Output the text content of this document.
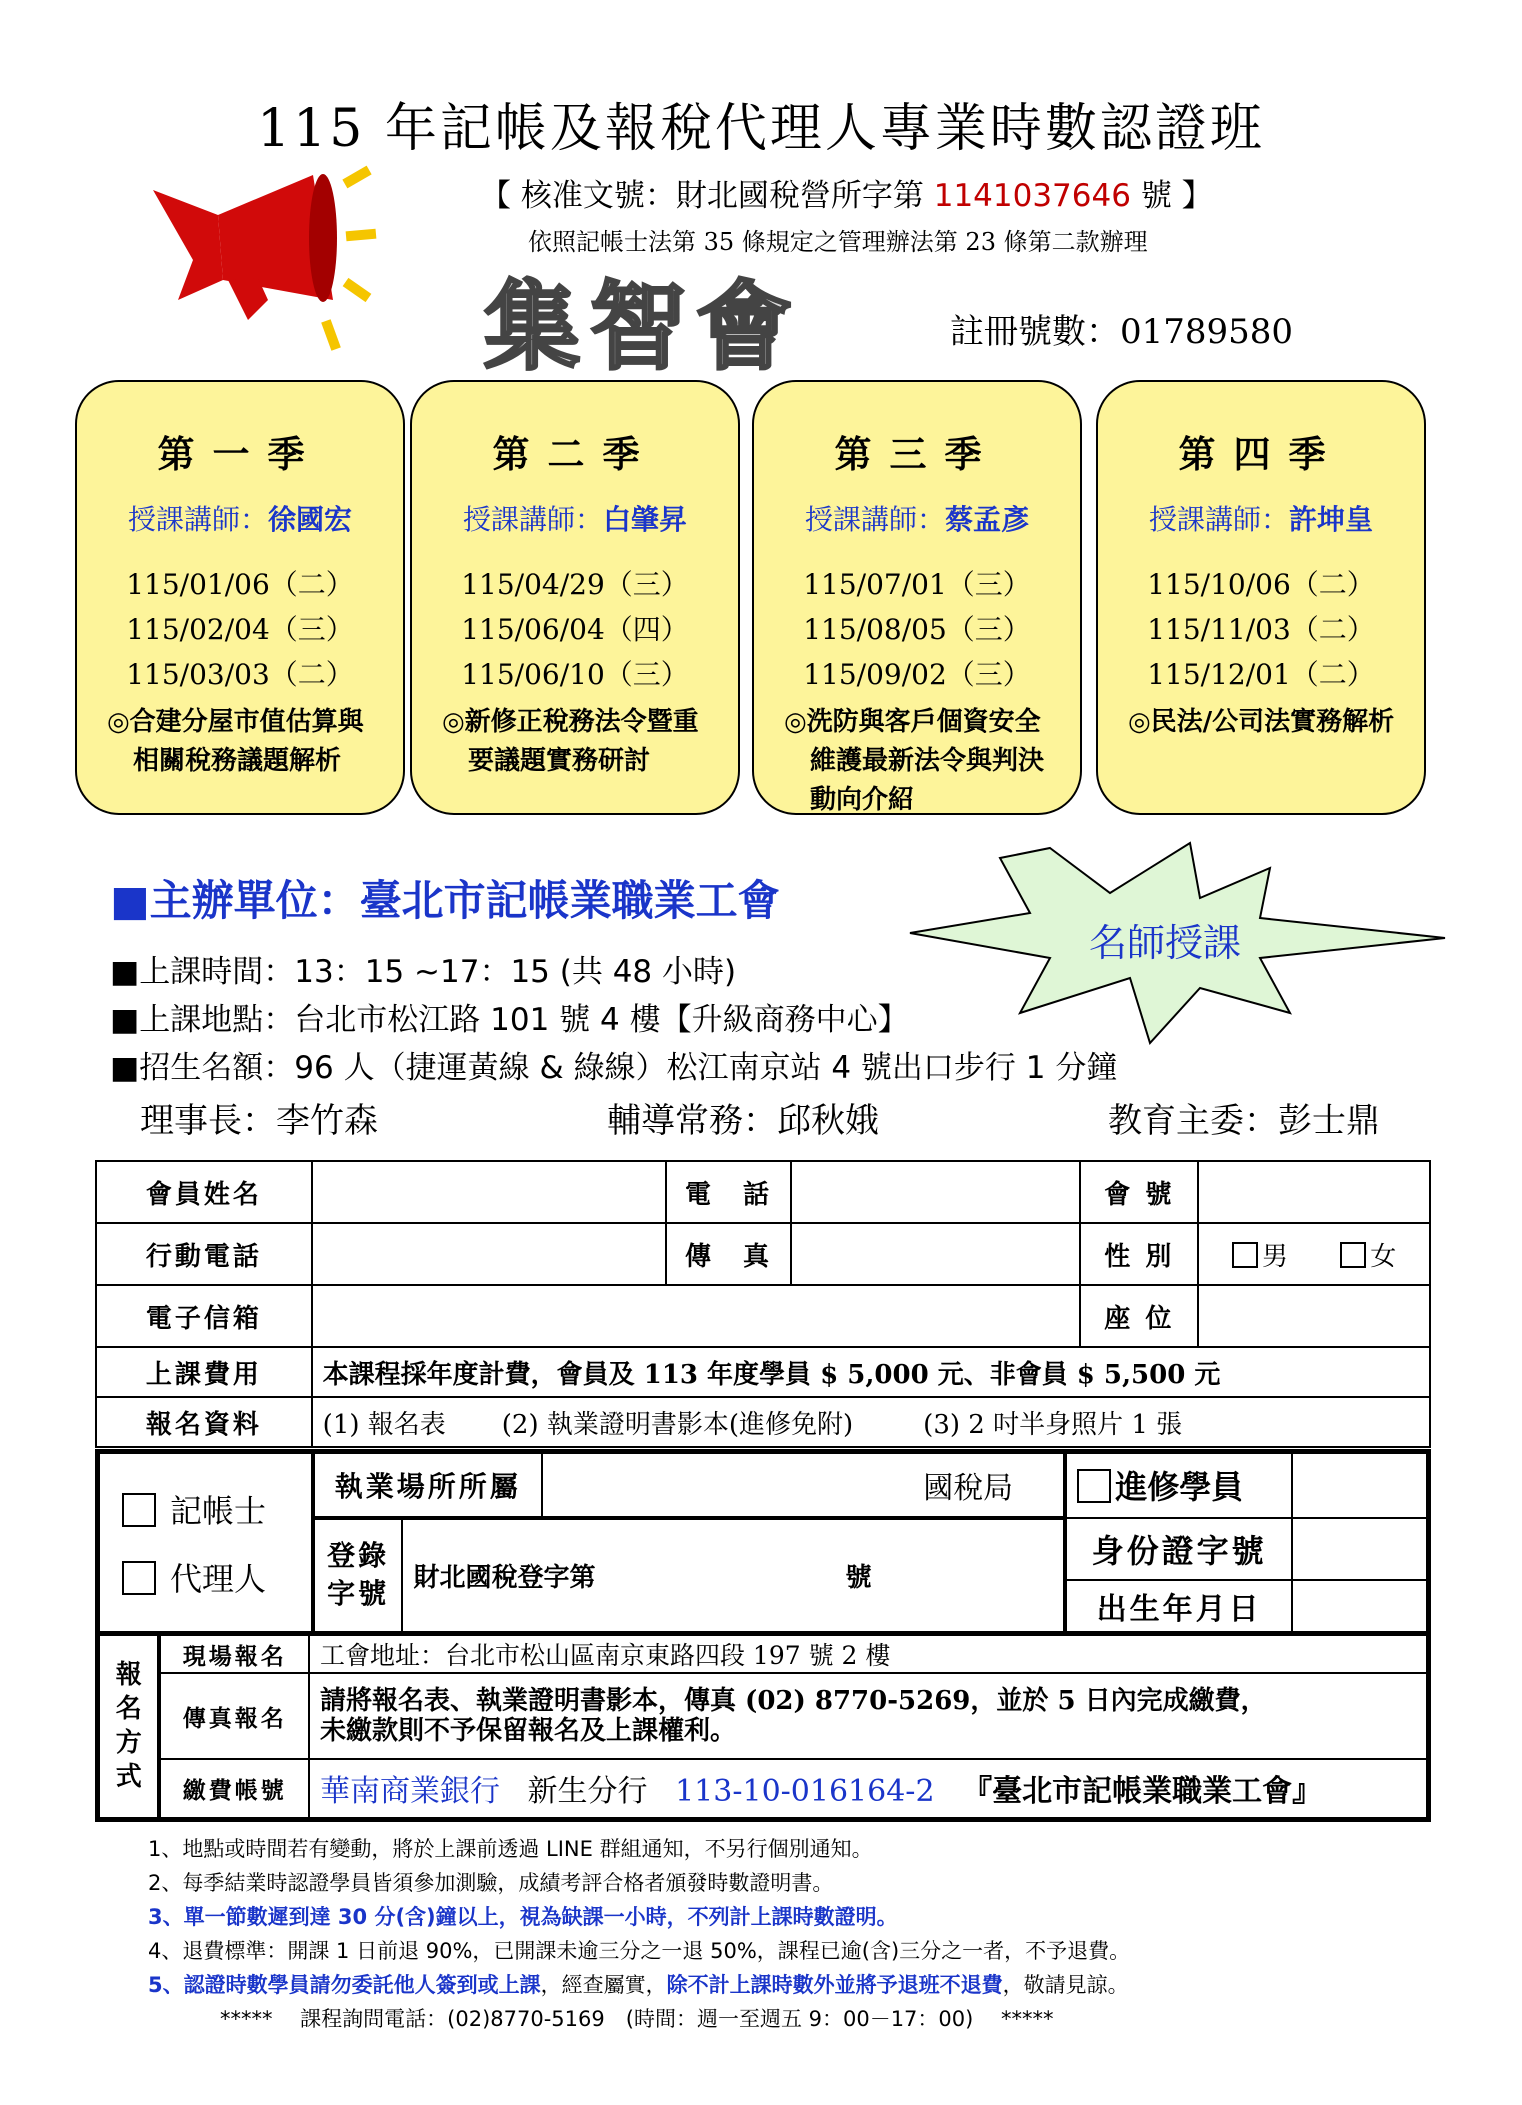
115 年記帳及報稅代理人專業時數認證班
【 核准文號：財北國稅營所字第 1141037646 號 】
依照記帳士法第 35 條規定之管理辦法第 23 條第二款辦理
集智會	註冊號數：01789580
第一季
授課講師：徐國宏
115/01/06（二）
115/02/04（三）
115/03/03（二）
◎合建分屋市值估算與相關稅務議題解析
第二季
授課講師：白肇昇
115/04/29（三）
115/06/04（四）
115/06/10（三）
◎新修正稅務法令暨重要議題實務研討
第三季
授課講師：蔡孟彥
115/07/01（三）
115/08/05（三）
115/09/02（三）
◎洗防與客戶個資安全維護最新法令與判決動向介紹
第四季
授課講師：許坤皇
115/10/06（二）
115/11/03（二）
115/12/01（二）
◎民法/公司法實務解析
■主辦單位：臺北市記帳業職業工會
名師授課
■上課時間：13：15 ~17：15 (共 48 小時)
■上課地點：台北市松江路 101 號 4 樓【升級商務中心】
■招生名額：96 人（捷運黃線 & 綠線）松江南京站 4 號出口步行 1 分鐘
理事長：李竹森	輔導常務：邱秋娥	教育主委：彭士鼎
會員姓名		電　話		會 號	
行動電話		傳　真		性 別	男 女
電子信箱				座 位	
上課費用	本課程採年度計費，會員及 113 年度學員 $ 5,000 元、非會員 $ 5,500 元				
報名資料	(1) 報名表 (2) 執業證明書影本(進修免附) (3) 2 吋半身照片 1 張				
記帳士
代理人	執業場所所屬		國稅局	進修學員	
	登錄字號	財北國稅登字第 號		身份證字號	
				出生年月日	
報名方式	現場報名	工會地址：台北市松山區南京東路四段 197 號 2 樓
	傳真報名	請將報名表、執業證明書影本，傳真 (02) 8770-5269，並於 5 日內完成繳費，
未繳款則不予保留報名及上課權利。

	繳費帳號	華南商業銀行 新生分行 113-10-016164-2 『臺北市記帳業職業工會』
1、地點或時間若有變動，將於上課前透過 LINE 群組通知，不另行個別通知。
2、每季結業時認證學員皆須參加測驗，成績考評合格者頒發時數證明書。
3、單一節數遲到達 30 分(含)鐘以上，視為缺課一小時，不列計上課時數證明。
4、退費標準：開課 1 日前退 90%，已開課未逾三分之一退 50%，課程已逾(含)三分之一者，不予退費。
5、認證時數學員請勿委託他人簽到或上課，經查屬實，除不計上課時數外並將予退班不退費，敬請見諒。
*****　 課程詢問電話：(02)8770-5169　(時間：週一至週五 9：00－17：00)　 *****
